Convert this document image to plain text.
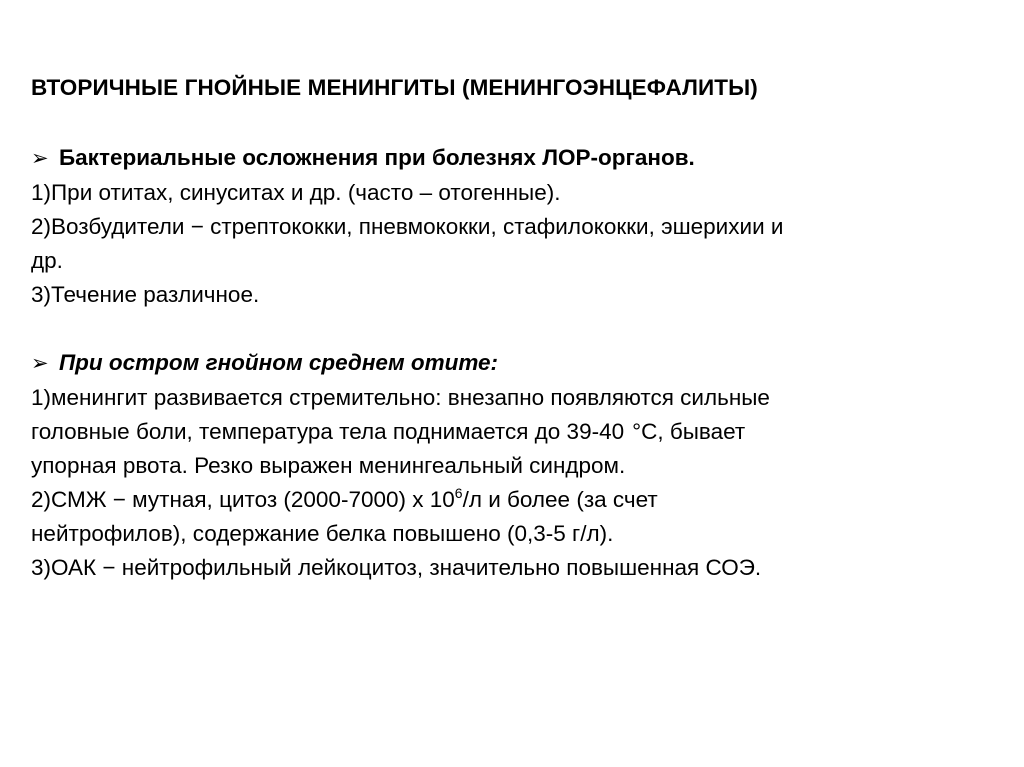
ВТОРИЧНЫЕ ГНОЙНЫЕ МЕНИНГИТЫ (МЕНИНГОЭНЦЕФАЛИТЫ)
➢ Бактериальные осложнения при болезнях ЛОР-органов.
1)При отитах, синуситах и др. (часто – отогенные).
2)Возбудители − стрептококки, пневмококки, стафилококки, эшерихии и
др.
3)Течение различное.
➢ При остром гнойном среднем отите:
1)менингит развивается стремительно: внезапно появляются сильные
головные боли, температура тела поднимается до 39-40 °С, бывает
упорная рвота. Резко выражен менингеальный синдром.
2)СМЖ − мутная, цитоз (2000-7000) х $10^6/л$ и более (за счет
нейтрофилов), содержание белка повышено (0,3-5 г/л).
3)ОАК − нейтрофильный лейкоцитоз, значительно повышенная СОЭ.
